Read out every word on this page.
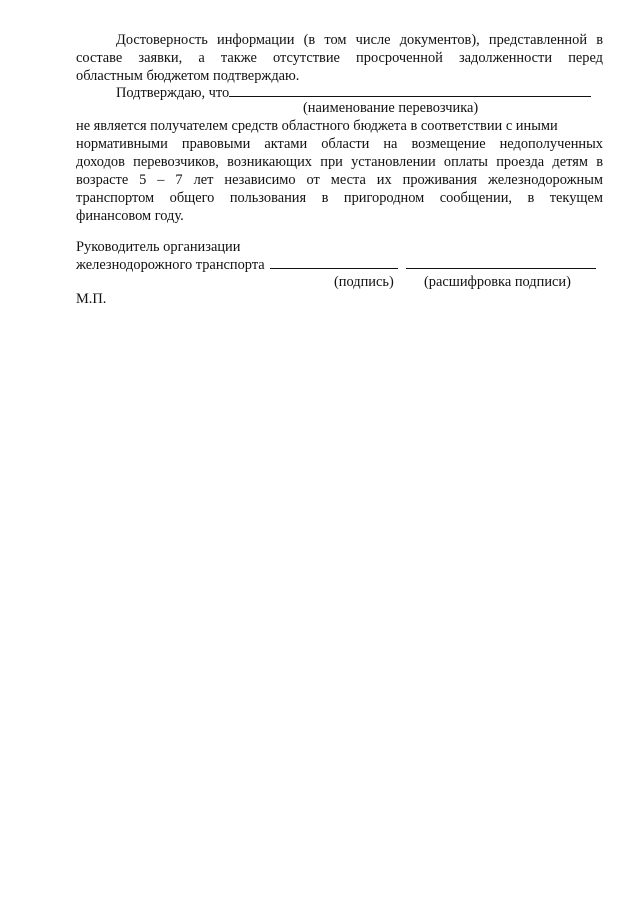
Достоверность информации (в том числе документов), представленной в
составе заявки, а также отсутствие просроченной задолженности перед
областным бюджетом подтверждаю.
Подтверждаю, что
(наименование перевозчика)
не является получателем средств областного бюджета в соответствии с иными
нормативными правовыми актами области на возмещение недополученных
доходов перевозчиков, возникающих при установлении оплаты проезда детям в
возрасте 5 – 7 лет независимо от места их проживания железнодорожным
транспортом общего пользования в пригородном сообщении, в текущем
финансовом году.
Руководитель организации
железнодорожного транспорта
(подпись) (расшифровка подписи)
М.П.
